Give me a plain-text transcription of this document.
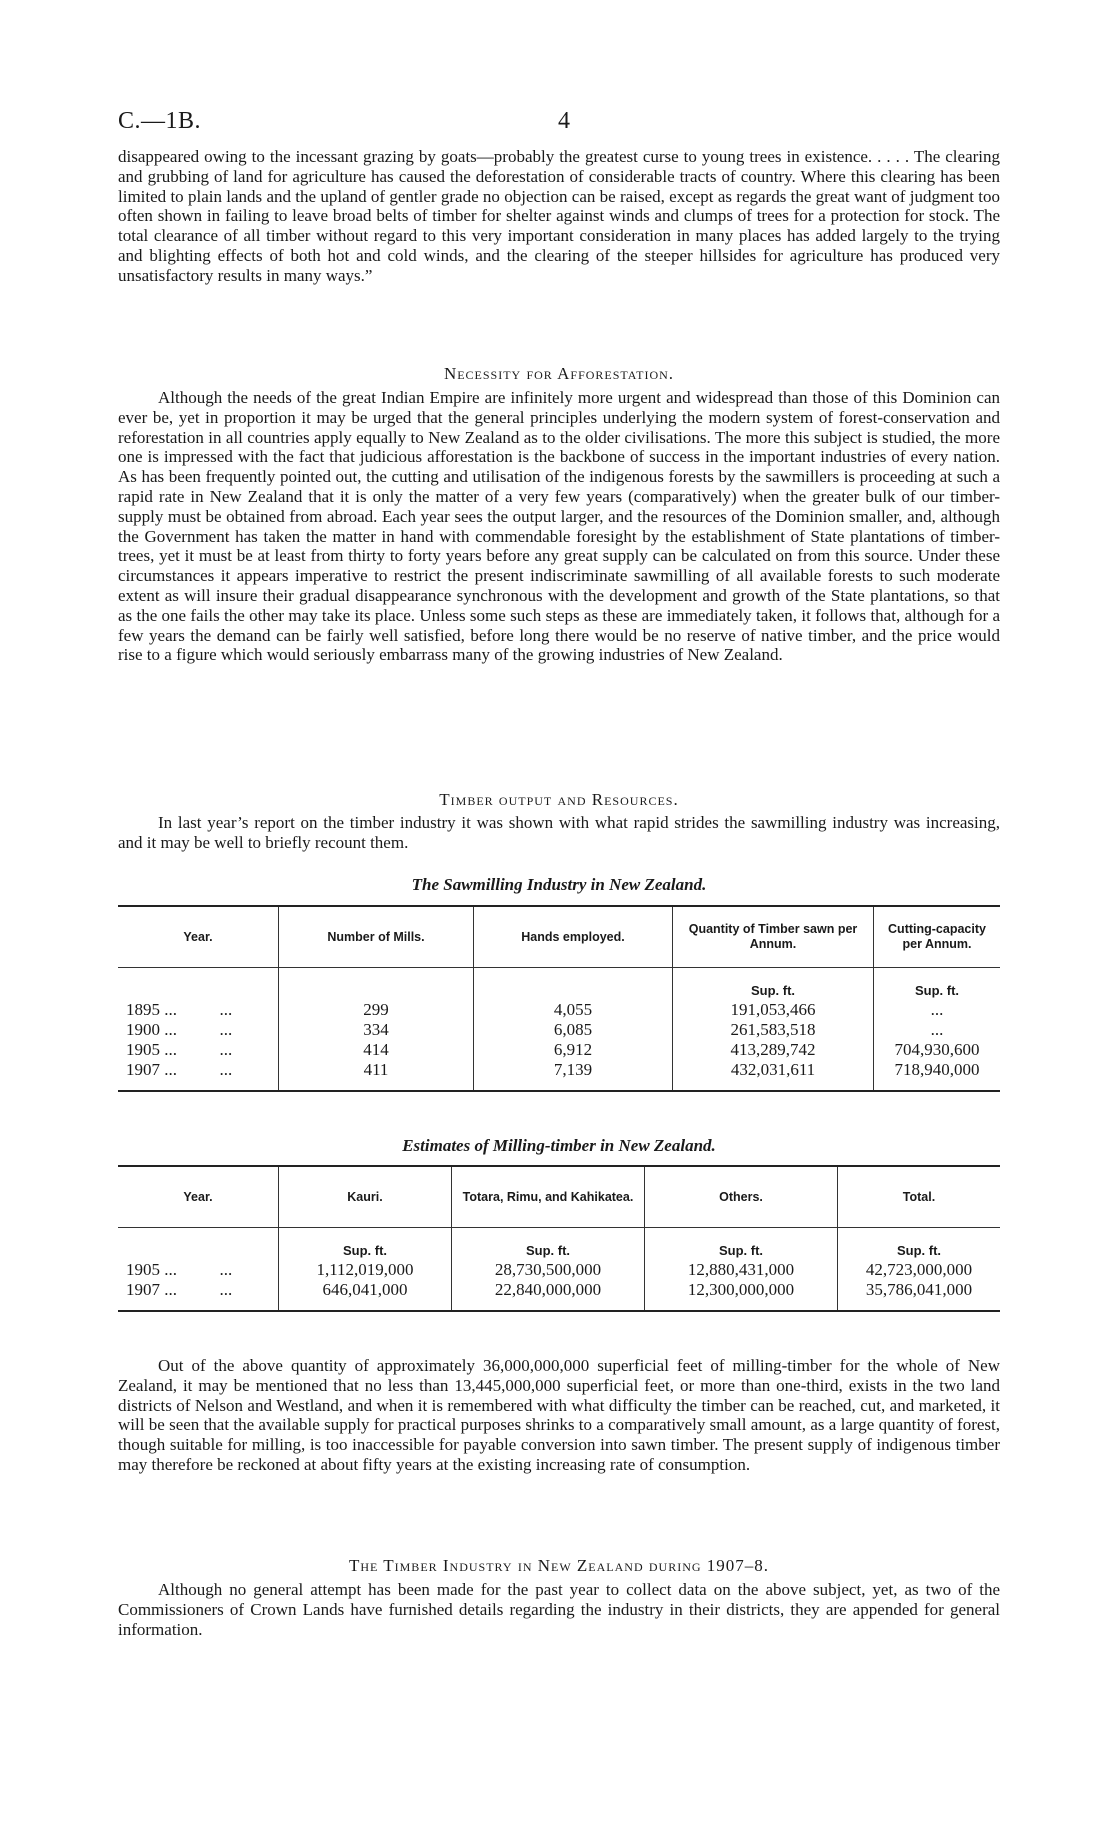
C.—1B.	4

disappeared owing to the incessant grazing by goats—probably the greatest curse to young trees in existence. . . . . The clearing and grubbing of land for agriculture has caused the deforestation of considerable tracts of country. Where this clearing has been limited to plain lands and the upland of gentler grade no objection can be raised, except as regards the great want of judgment too often shown in failing to leave broad belts of timber for shelter against winds and clumps of trees for a protection for stock. The total clearance of all timber without regard to this very important consideration in many places has added largely to the trying and blighting effects of both hot and cold winds, and the clearing of the steeper hillsides for agriculture has produced very unsatisfactory results in many ways.”

Necessity for Afforestation.

Although the needs of the great Indian Empire are infinitely more urgent and widespread than those of this Dominion can ever be, yet in proportion it may be urged that the general principles underlying the modern system of forest-conservation and reforestation in all countries apply equally to New Zealand as to the older civilisations. The more this subject is studied, the more one is impressed with the fact that judicious afforestation is the backbone of success in the important industries of every nation. As has been frequently pointed out, the cutting and utilisation of the indigenous forests by the sawmillers is proceeding at such a rapid rate in New Zealand that it is only the matter of a very few years (comparatively) when the greater bulk of our timber-supply must be obtained from abroad. Each year sees the output larger, and the resources of the Dominion smaller, and, although the Government has taken the matter in hand with commendable foresight by the establishment of State plantations of timber-trees, yet it must be at least from thirty to forty years before any great supply can be calculated on from this source. Under these circumstances it appears imperative to restrict the present indiscriminate sawmilling of all available forests to such moderate extent as will insure their gradual disappearance synchronous with the development and growth of the State plantations, so that as the one fails the other may take its place. Unless some such steps as these are immediately taken, it follows that, although for a few years the demand can be fairly well satisfied, before long there would be no reserve of native timber, and the price would rise to a figure which would seriously embarrass many of the growing industries of New Zealand.

Timber output and Resources.

In last year’s report on the timber industry it was shown with what rapid strides the sawmilling industry was increasing, and it may be well to briefly recount them.

The Sawmilling Industry in New Zealand.

Year.	Number of Mills.	Hands employed.	Quantity of Timber sawn per Annum.	Cutting-capacity per Annum.
			Sup. ft.	Sup. ft.
1895 ...          ...	299	4,055	191,053,466	...
1900 ...          ...	334	6,085	261,583,518	...
1905 ...          ...	414	6,912	413,289,742	704,930,600
1907 ...          ...	411	7,139	432,031,611	718,940,000

Estimates of Milling-timber in New Zealand.

Year.	Kauri.	Totara, Rimu, and Kahikatea.	Others.	Total.
	Sup. ft.	Sup. ft.	Sup. ft.	Sup. ft.
1905 ...          ...	1,112,019,000	28,730,500,000	12,880,431,000	42,723,000,000
1907 ...          ...	646,041,000	22,840,000,000	12,300,000,000	35,786,041,000

Out of the above quantity of approximately 36,000,000,000 superficial feet of milling-timber for the whole of New Zealand, it may be mentioned that no less than 13,445,000,000 superficial feet, or more than one-third, exists in the two land districts of Nelson and Westland, and when it is remembered with what difficulty the timber can be reached, cut, and marketed, it will be seen that the available supply for practical purposes shrinks to a comparatively small amount, as a large quantity of forest, though suitable for milling, is too inaccessible for payable conversion into sawn timber. The present supply of indigenous timber may therefore be reckoned at about fifty years at the existing increasing rate of consumption.

The Timber Industry in New Zealand during 1907–8.

Although no general attempt has been made for the past year to collect data on the above subject, yet, as two of the Commissioners of Crown Lands have furnished details regarding the industry in their districts, they are appended for general information.
